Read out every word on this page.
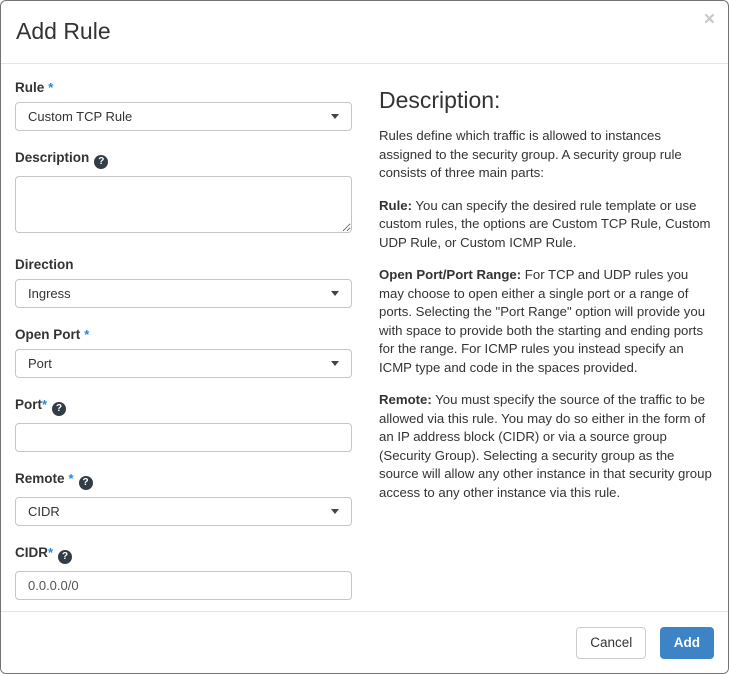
Add Rule	×
Rule *
Custom TCP Rule
Description ?
Direction
Ingress
Open Port *
Port
Port* ?
Remote * ?
CIDR
CIDR* ?
0.0.0.0/0
Description:

Rules define which traffic is allowed to instances assigned to the security group. A security group rule consists of three main parts:

Rule: You can specify the desired rule template or use custom rules, the options are Custom TCP Rule, Custom UDP Rule, or Custom ICMP Rule.

Open Port/Port Range: For TCP and UDP rules you may choose to open either a single port or a range of ports. Selecting the "Port Range" option will provide you with space to provide both the starting and ending ports for the range. For ICMP rules you instead specify an ICMP type and code in the spaces provided.

Remote: You must specify the source of the traffic to be allowed via this rule. You may do so either in the form of an IP address block (CIDR) or via a source group (Security Group). Selecting a security group as the source will allow any other instance in that security group access to any other instance via this rule.

Cancel	Add
